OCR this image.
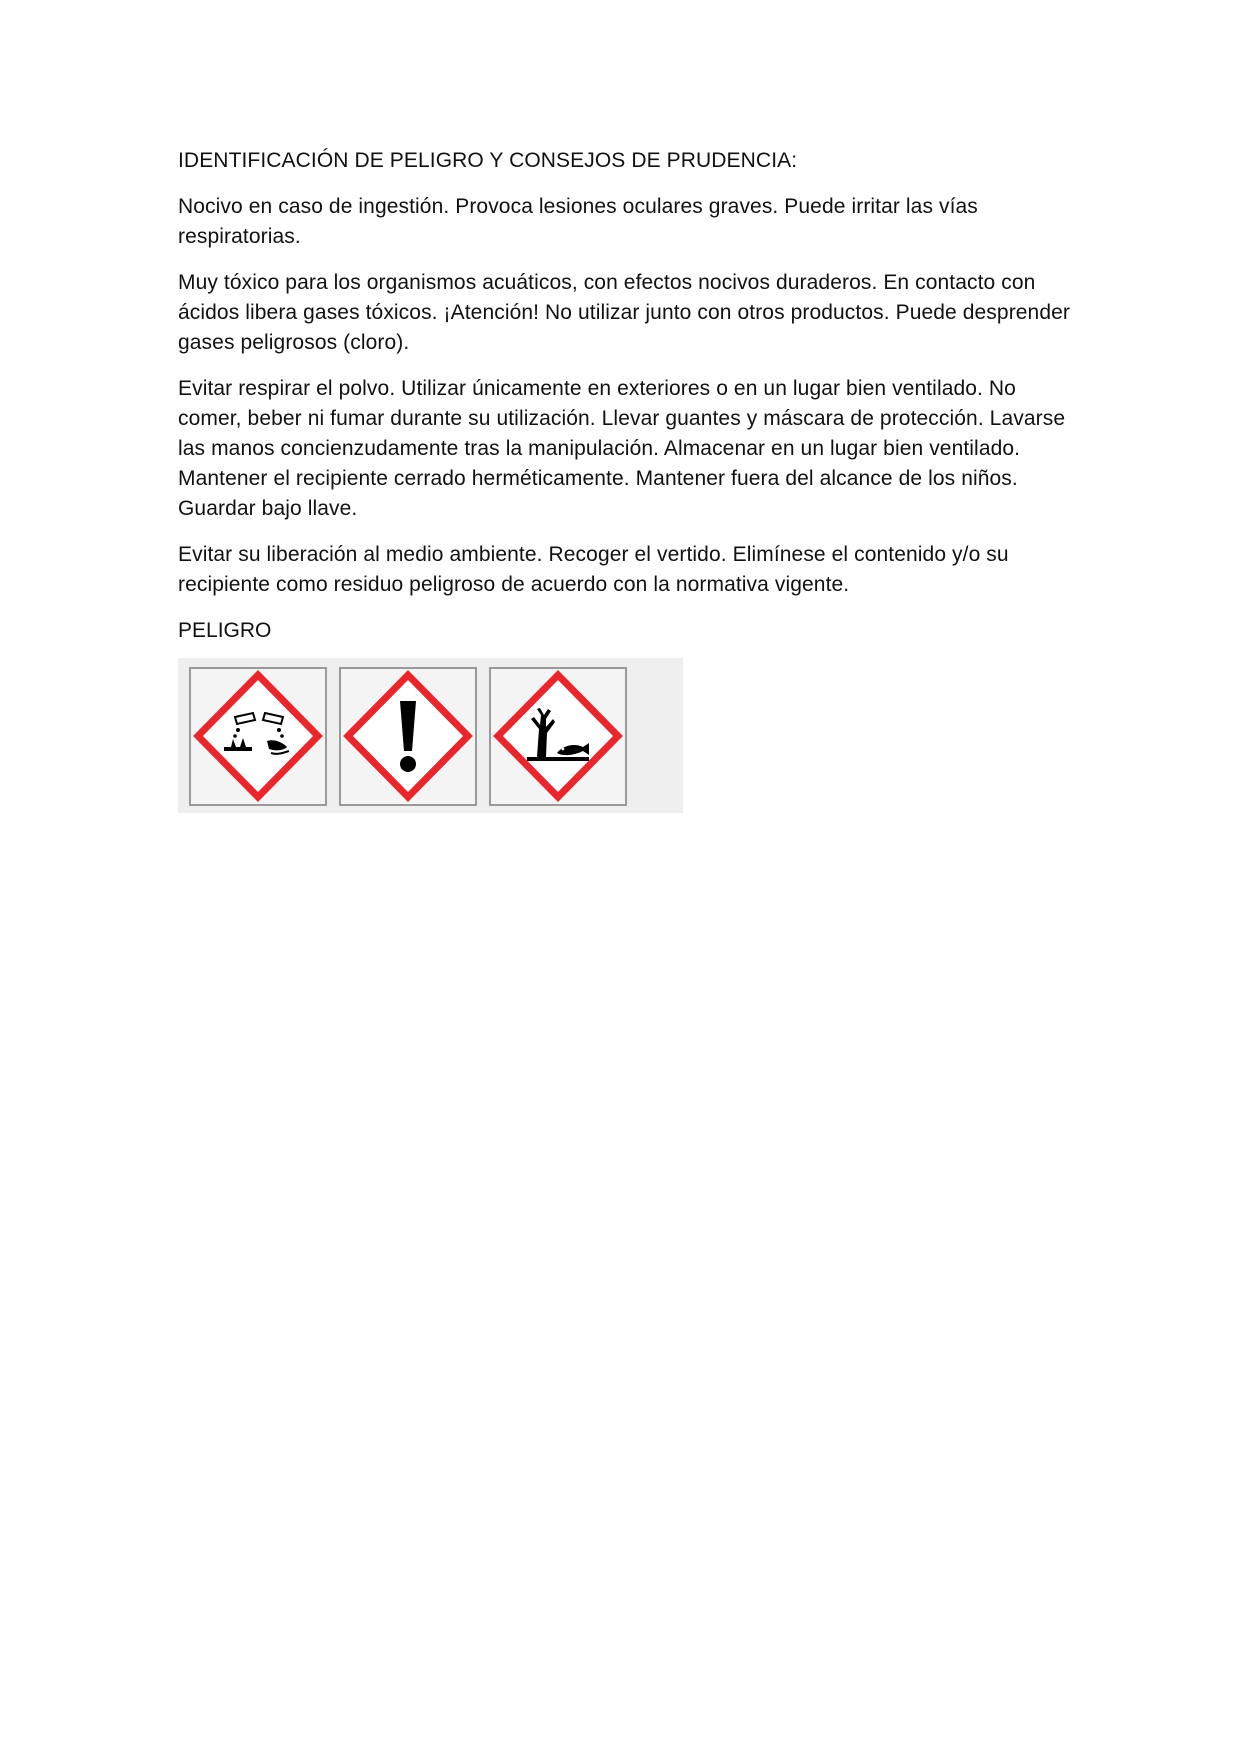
IDENTIFICACIÓN DE PELIGRO Y CONSEJOS DE PRUDENCIA:

Nocivo en caso de ingestión. Provoca lesiones oculares graves. Puede irritar las vías respiratorias.

Muy tóxico para los organismos acuáticos, con efectos nocivos duraderos. En contacto con ácidos libera gases tóxicos. ¡Atención! No utilizar junto con otros productos. Puede desprender gases peligrosos (cloro).

Evitar respirar el polvo. Utilizar únicamente en exteriores o en un lugar bien ventilado. No comer, beber ni fumar durante su utilización. Llevar guantes y máscara de protección. Lavarse las manos concienzudamente tras la manipulación. Almacenar en un lugar bien ventilado. Mantener el recipiente cerrado herméticamente. Mantener fuera del alcance de los niños. Guardar bajo llave.

Evitar su liberación al medio ambiente. Recoger el vertido. Elimínese el contenido y/o su recipiente como residuo peligroso de acuerdo con la normativa vigente.

PELIGRO
